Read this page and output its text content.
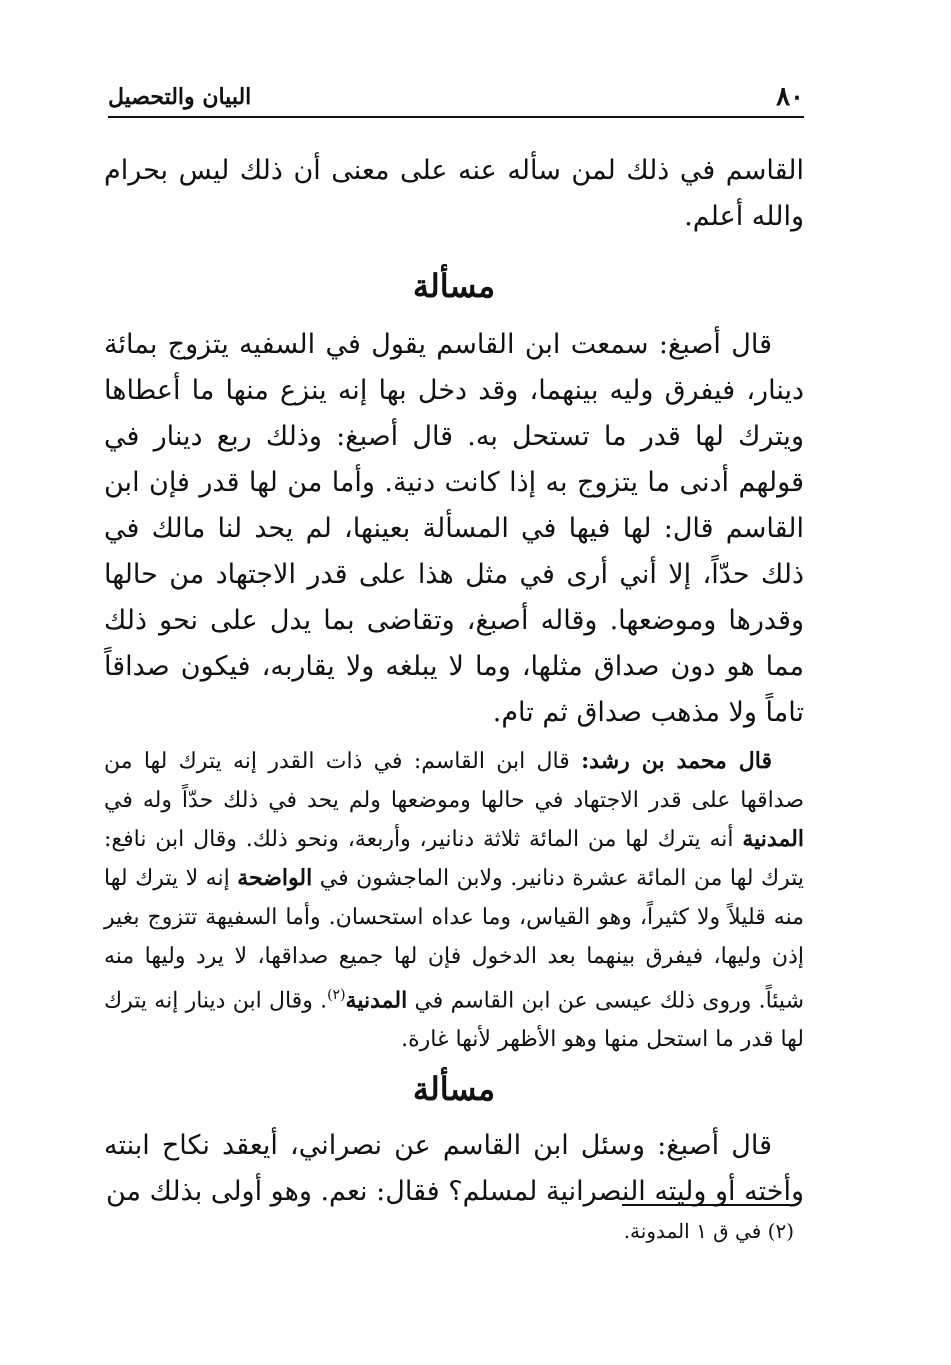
٨٠
البيان والتحصيل

القاسم في ذلك لمن سأله عنه على معنى أن ذلك ليس بحرام والله أعلم.

مسألة

قال أصبغ: سمعت ابن القاسم يقول في السفيه يتزوج بمائة دينار، فيفرق وليه بينهما، وقد دخل بها إنه ينزع منها ما أعطاها ويترك لها قدر ما تستحل به. قال أصبغ: وذلك ربع دينار في قولهم أدنى ما يتزوج به إذا كانت دنية. وأما من لها قدر فإن ابن القاسم قال: لها فيها في المسألة بعينها، لم يحد لنا مالك في ذلك حدّاً، إلا أني أرى في مثل هذا على قدر الاجتهاد من حالها وقدرها وموضعها. وقاله أصبغ، وتقاضى بما يدل على نحو ذلك مما هو دون صداق مثلها، وما لا يبلغه ولا يقاربه، فيكون صداقاً تاماً ولا مذهب صداق ثم تام.

قال محمد بن رشد: قال ابن القاسم: في ذات القدر إنه يترك لها من صداقها على قدر الاجتهاد في حالها وموضعها ولم يحد في ذلك حدّاً وله في المدنية أنه يترك لها من المائة ثلاثة دنانير، وأربعة، ونحو ذلك. وقال ابن نافع: يترك لها من المائة عشرة دنانير. ولابن الماجشون في الواضحة إنه لا يترك لها منه قليلاً ولا كثيراً، وهو القياس، وما عداه استحسان. وأما السفيهة تتزوج بغير إذن وليها، فيفرق بينهما بعد الدخول فإن لها جميع صداقها، لا يرد وليها منه شيئاً. وروى ذلك عيسى عن ابن القاسم في المدنية$^{(٢)}$. وقال ابن دينار إنه يترك لها قدر ما استحل منها وهو الأظهر لأنها غارة.

مسألة

قال أصبغ: وسئل ابن القاسم عن نصراني، أيعقد نكاح ابنته وأخته أو وليته النصرانية لمسلم؟ فقال: نعم. وهو أولى بذلك من

(٢) في ق ١ المدونة.
